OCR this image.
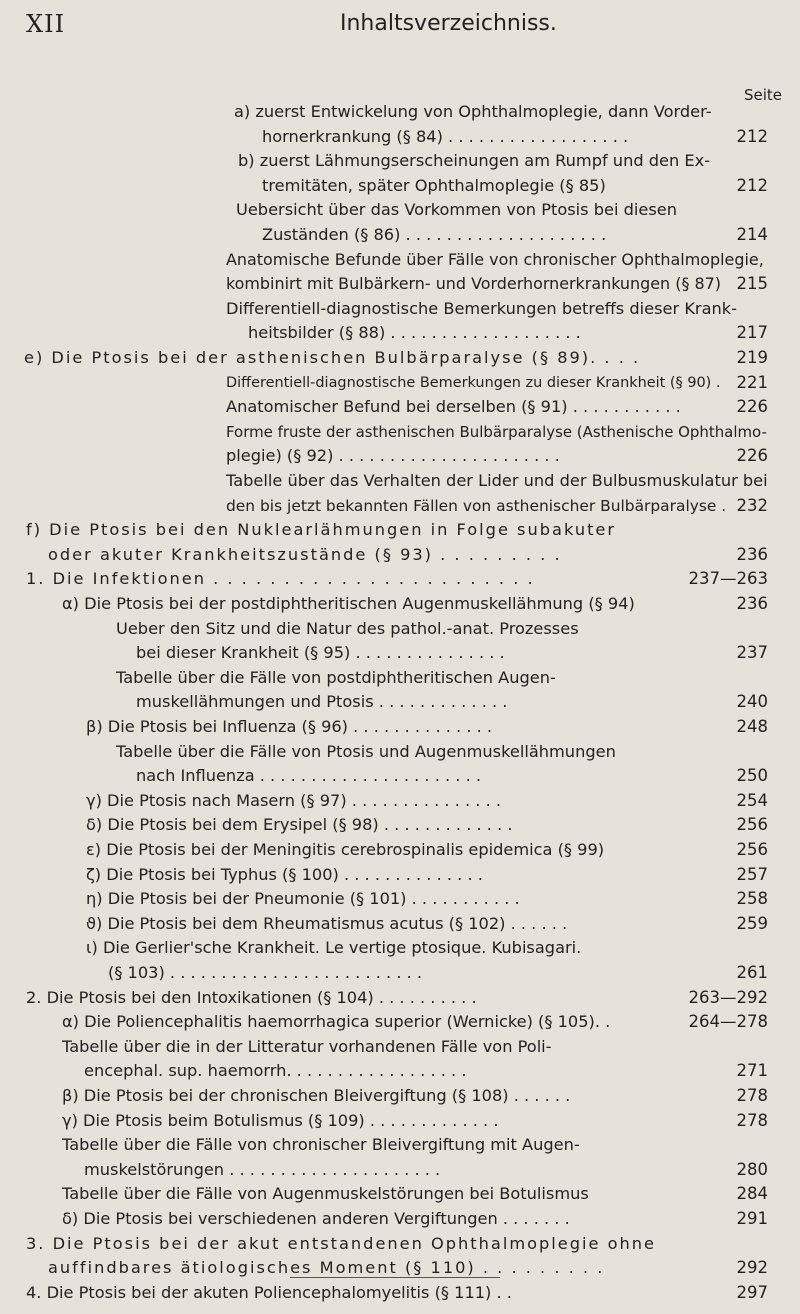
XII	Inhaltsverzeichniss.
Seite
a) zuerst Entwickelung von Ophthalmoplegie, dann Vorder-
hornerkrankung (§ 84) . . . . . . . . . . . . . . . . . .	212
b) zuerst Lähmungserscheinungen am Rumpf und den Ex-
tremitäten, später Ophthalmoplegie (§ 85)	212
Uebersicht über das Vorkommen von Ptosis bei diesen
Zuständen (§ 86) . . . . . . . . . . . . . . . . . . . .	214
Anatomische Befunde über Fälle von chronischer Ophthalmoplegie,
kombinirt mit Bulbärkern- und Vorderhornerkrankungen (§ 87) 215
Differentiell-diagnostische Bemerkungen betreffs dieser Krank-
heitsbilder (§ 88) . . . . . . . . . . . . . . . . . . .	217
e) Die Ptosis bei der asthenischen Bulbärparalyse (§ 89). . . .	219
Differentiell-diagnostische Bemerkungen zu dieser Krankheit (§ 90) . 221
Anatomischer Befund bei derselben (§ 91) . . . . . . . . . . .	226
Forme fruste der asthenischen Bulbärparalyse (Asthenische Ophthalmo-
plegie) (§ 92) . . . . . . . . . . . . . . . . . . . . . .	226
Tabelle über das Verhalten der Lider und der Bulbusmuskulatur bei
den bis jetzt bekannten Fällen von asthenischer Bulbärparalyse . 232
f) Die Ptosis bei den Nuklearlähmungen in Folge subakuter
oder akuter Krankheitszustände (§ 93) . . . . . . . . .	236
1. Die Infektionen . . . . . . . . . . . . . . . . . . . . . . .	237—263
α) Die Ptosis bei der postdiphtheritischen Augenmuskellähmung (§ 94)	236
Ueber den Sitz und die Natur des pathol.-anat. Prozesses
bei dieser Krankheit (§ 95) . . . . . . . . . . . . . . .	237
Tabelle über die Fälle von postdiphtheritischen Augen-
muskellähmungen und Ptosis . . . . . . . . . . . . .	240
β) Die Ptosis bei Influenza (§ 96) . . . . . . . . . . . . . .	248
Tabelle über die Fälle von Ptosis und Augenmuskellähmungen
nach Influenza . . . . . . . . . . . . . . . . . . . . . .	250
γ) Die Ptosis nach Masern (§ 97) . . . . . . . . . . . . . . .	254
δ) Die Ptosis bei dem Erysipel (§ 98) . . . . . . . . . . . . .	256
ε) Die Ptosis bei der Meningitis cerebrospinalis epidemica (§ 99)	256
ζ) Die Ptosis bei Typhus (§ 100) . . . . . . . . . . . . . .	257
η) Die Ptosis bei der Pneumonie (§ 101) . . . . . . . . . . .	258
ϑ) Die Ptosis bei dem Rheumatismus acutus (§ 102) . . . . . .	259
ι) Die Gerlier'sche Krankheit. Le vertige ptosique. Kubisagari.
(§ 103) . . . . . . . . . . . . . . . . . . . . . . . . .	261
2. Die Ptosis bei den Intoxikationen (§ 104) . . . . . . . . . .	263—292
α) Die Poliencephalitis haemorrhagica superior (Wernicke) (§ 105). .	264—278
Tabelle über die in der Litteratur vorhandenen Fälle von Poli-
encephal. sup. haemorrh. . . . . . . . . . . . . . . . . .	271
β) Die Ptosis bei der chronischen Bleivergiftung (§ 108) . . . . . .	278
γ) Die Ptosis beim Botulismus (§ 109) . . . . . . . . . . . . .	278
Tabelle über die Fälle von chronischer Bleivergiftung mit Augen-
muskelstörungen . . . . . . . . . . . . . . . . . . . . .	280
Tabelle über die Fälle von Augenmuskelstörungen bei Botulismus	284
δ) Die Ptosis bei verschiedenen anderen Vergiftungen . . . . . . .	291
3. Die Ptosis bei der akut entstandenen Ophthalmoplegie ohne
auffindbares ätiologisches Moment (§ 110) . . . . . . . . .	292
4. Die Ptosis bei der akuten Poliencephalomyelitis (§ 111) . .	297
